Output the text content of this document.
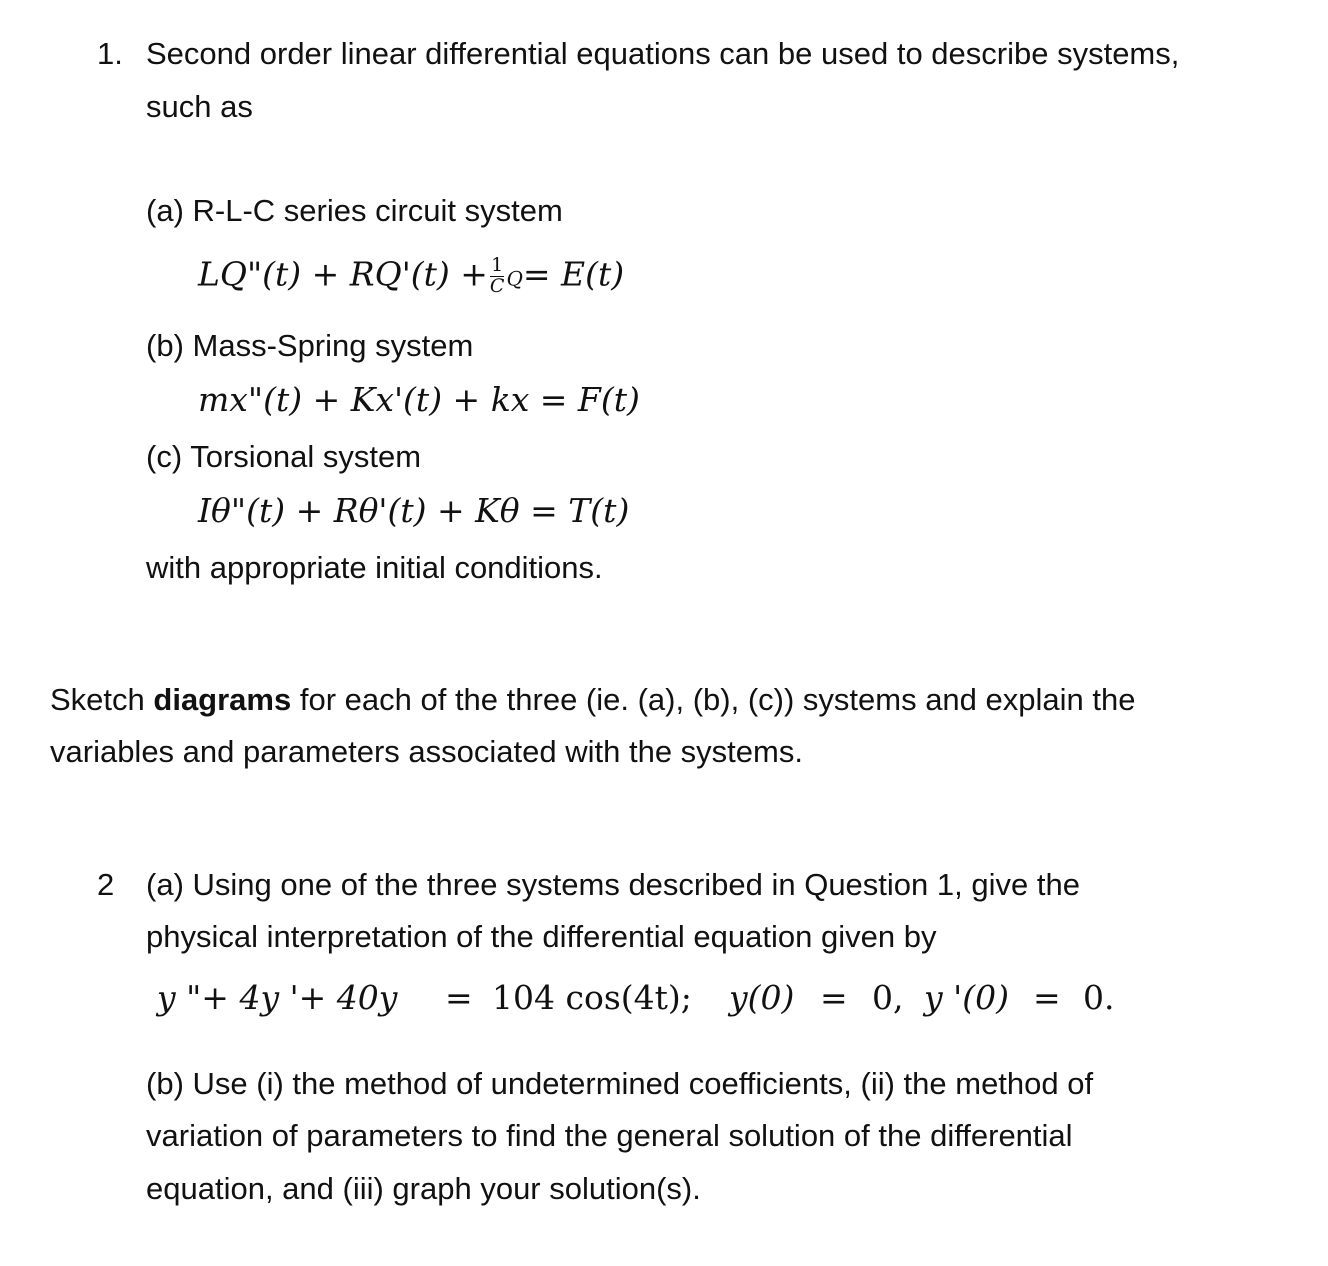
1. Second order linear differential equations can be used to describe systems,
such as
(a) R-L-C series circuit system
LQ"(t) + $RQ'(t) + \frac{1}{C} Q= E(t)$
(b) Mass-Spring system
mx"(t) + Kx'(t) + kx = F(t)
(c) Torsional system
Iθ"(t) + Rθ'(t) + Kθ = T(t)
with appropriate initial conditions.
Sketch diagrams for each of the three (ie. (a), (b), (c)) systems and explain the
variables and parameters associated with the systems.
2 (a) Using one of the three systems described in Question 1, give the
physical interpretation of the differential equation given by
y "+ 4y '+ 40y = 104 cos(4t); y(0) = 0, y '(0) = 0.
(b) Use (i) the method of undetermined coefficients, (ii) the method of
variation of parameters to find the general solution of the differential
equation, and (iii) graph your solution(s).
